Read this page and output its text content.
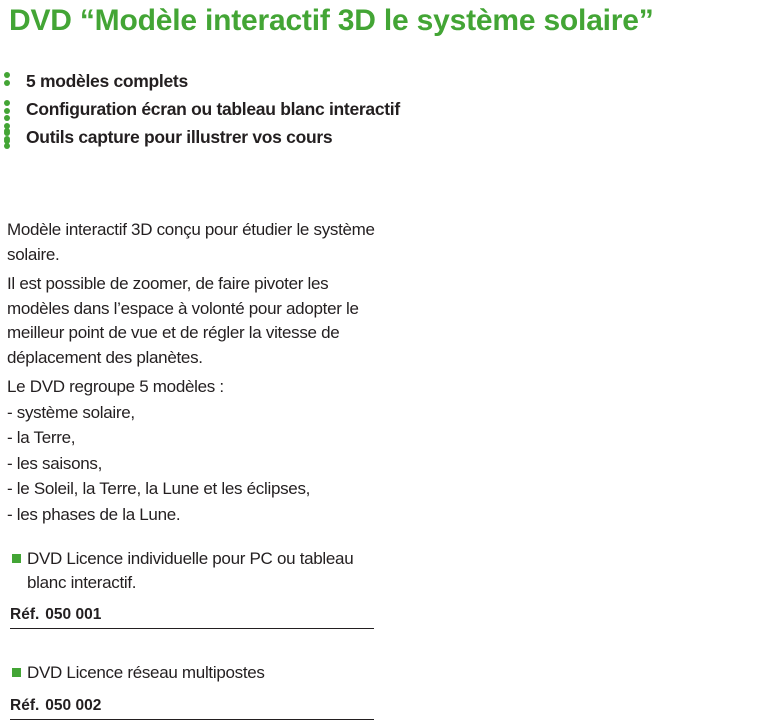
DVD “Modèle interactif 3D le système solaire”
5 modèles complets
Configuration écran ou tableau blanc interactif
Outils capture pour illustrer vos cours

Modèle interactif 3D conçu pour étudier le système solaire.

Il est possible de zoomer, de faire pivoter les modèles dans l’espace à volonté pour adopter le meilleur point de vue et de régler la vitesse de déplacement des planètes.

Le DVD regroupe 5 modèles :

- système solaire,
- la Terre,
- les saisons,
- le Soleil, la Terre, la Lune et les éclipses,
- les phases de la Lune.
DVD Licence individuelle pour PC ou tableau blanc interactif.
Réf. 050 001
DVD Licence réseau multipostes
Réf. 050 002
